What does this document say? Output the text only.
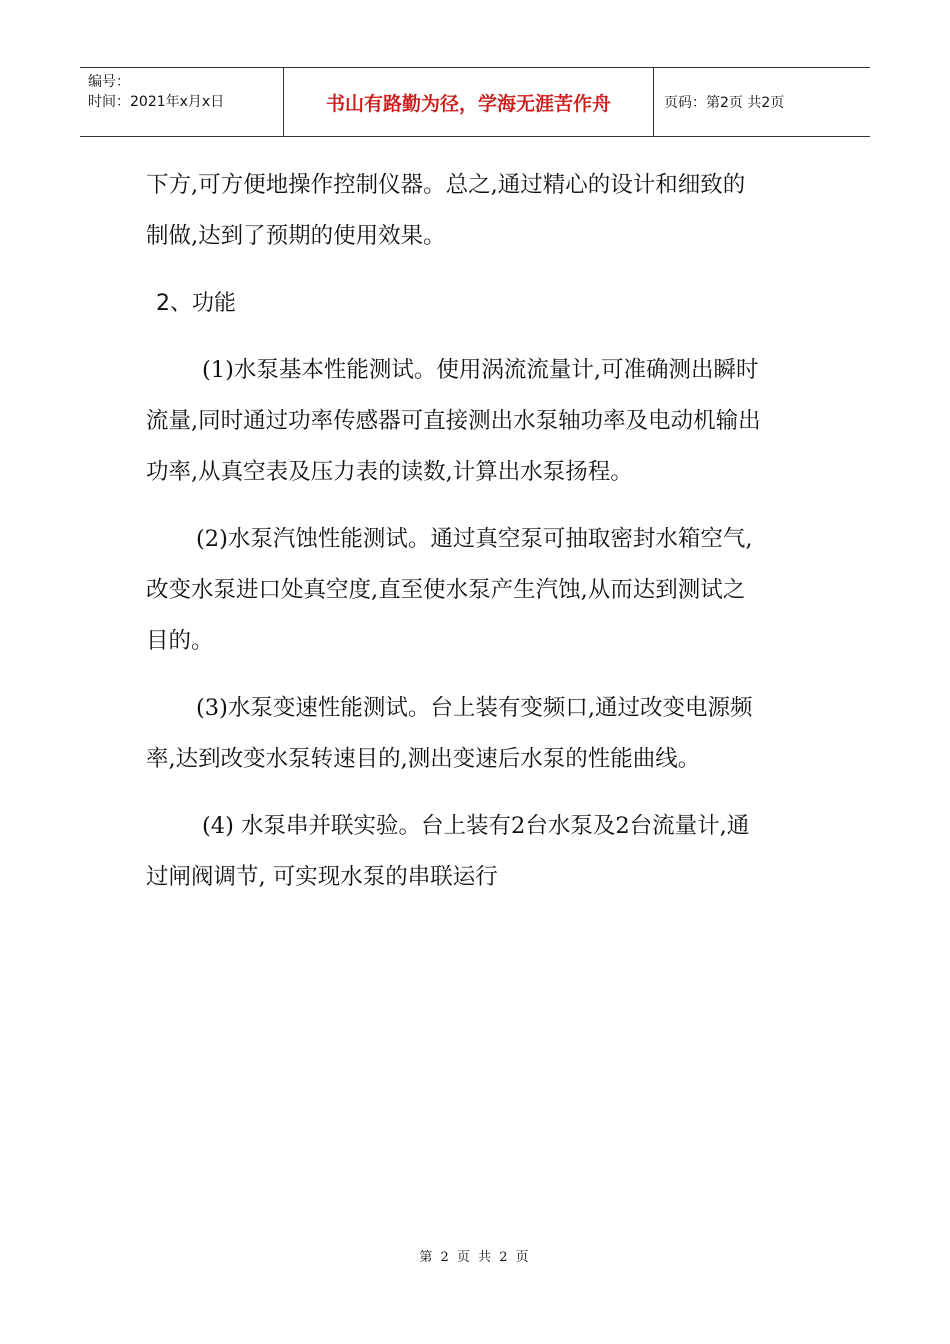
编号：
时间：2021年x月x日	书山有路勤为径，学海无涯苦作舟	页码：第2页 共2页

下方,可方便地操作控制仪器。总之,通过精心的设计和细致的

制做,达到了预期的使用效果。

2、功能

(1)水泵基本性能测试。使用涡流流量计,可准确测出瞬时

流量,同时通过功率传感器可直接测出水泵轴功率及电动机输出

功率,从真空表及压力表的读数,计算出水泵扬程。

(2)水泵汽蚀性能测试。通过真空泵可抽取密封水箱空气,

改变水泵进口处真空度,直至使水泵产生汽蚀,从而达到测试之

目的。

(3)水泵变速性能测试。台上装有变频口,通过改变电源频

率,达到改变水泵转速目的,测出变速后水泵的性能曲线。

(4) 水泵串并联实验。台上装有2台水泵及2台流量计,通

过闸阀调节, 可实现水泵的串联运行

第 2 页 共 2 页
